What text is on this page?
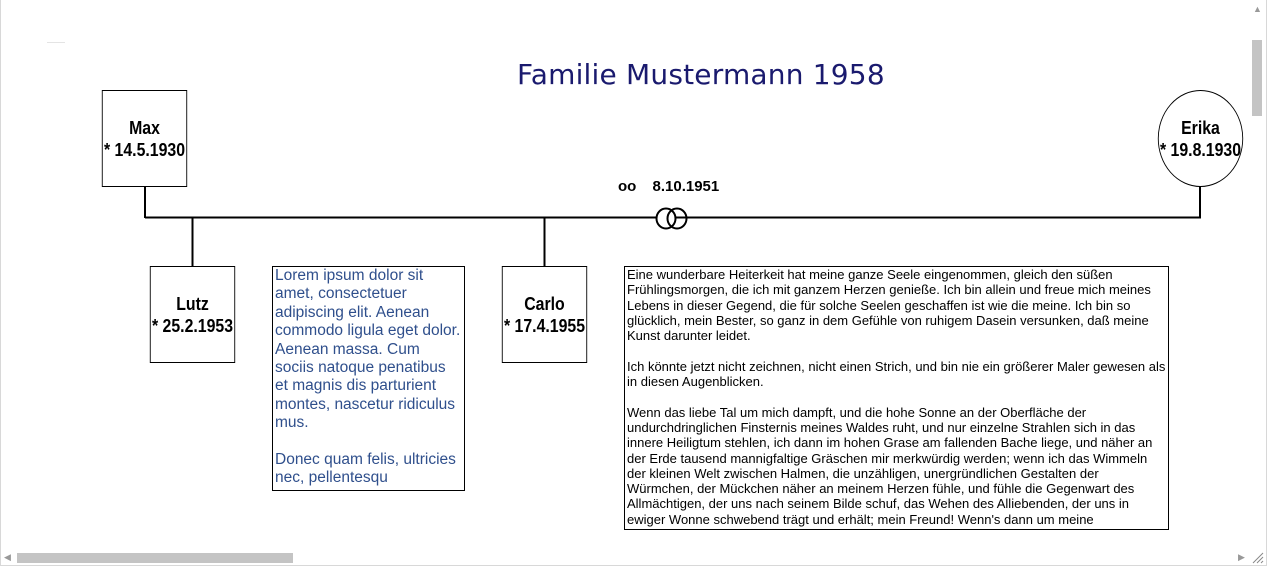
Familie Mustermann 1958
Max
* 14.5.1930
Erika
* 19.8.1930
oo 8.10.1951
Lutz
* 25.2.1953
Carlo
* 17.4.1955

Lorem ipsum dolor sit amet, consectetuer adipiscing elit. Aenean commodo ligula eget dolor. Aenean massa. Cum sociis natoque penatibus et magnis dis parturient montes, nascetur ridiculus mus.

Donec quam felis, ultricies nec, pellentesqu

Eine wunderbare Heiterkeit hat meine ganze Seele eingenommen, gleich den süßen Frühlingsmorgen, die ich mit ganzem Herzen genieße. Ich bin allein und freue mich meines Lebens in dieser Gegend, die für solche Seelen geschaffen ist wie die meine. Ich bin so glücklich, mein Bester, so ganz in dem Gefühle von ruhigem Dasein versunken, daß meine Kunst darunter leidet.

Ich könnte jetzt nicht zeichnen, nicht einen Strich, und bin nie ein größerer Maler gewesen als in diesen Augenblicken.

Wenn das liebe Tal um mich dampft, und die hohe Sonne an der Oberfläche der undurchdringlichen Finsternis meines Waldes ruht, und nur einzelne Strahlen sich in das innere Heiligtum stehlen, ich dann im hohen Grase am fallenden Bache liege, und näher an der Erde tausend mannigfaltige Gräschen mir merkwürdig werden; wenn ich das Wimmeln der kleinen Welt zwischen Halmen, die unzähligen, unergründlichen Gestalten der Würmchen, der Mückchen näher an meinem Herzen fühle, und fühle die Gegenwart des Allmächtigen, der uns nach seinem Bilde schuf, das Wehen des Alliebenden, der uns in ewiger Wonne schwebend trägt und erhält; mein Freund! Wenn's dann um meine

▲
◀	▶
